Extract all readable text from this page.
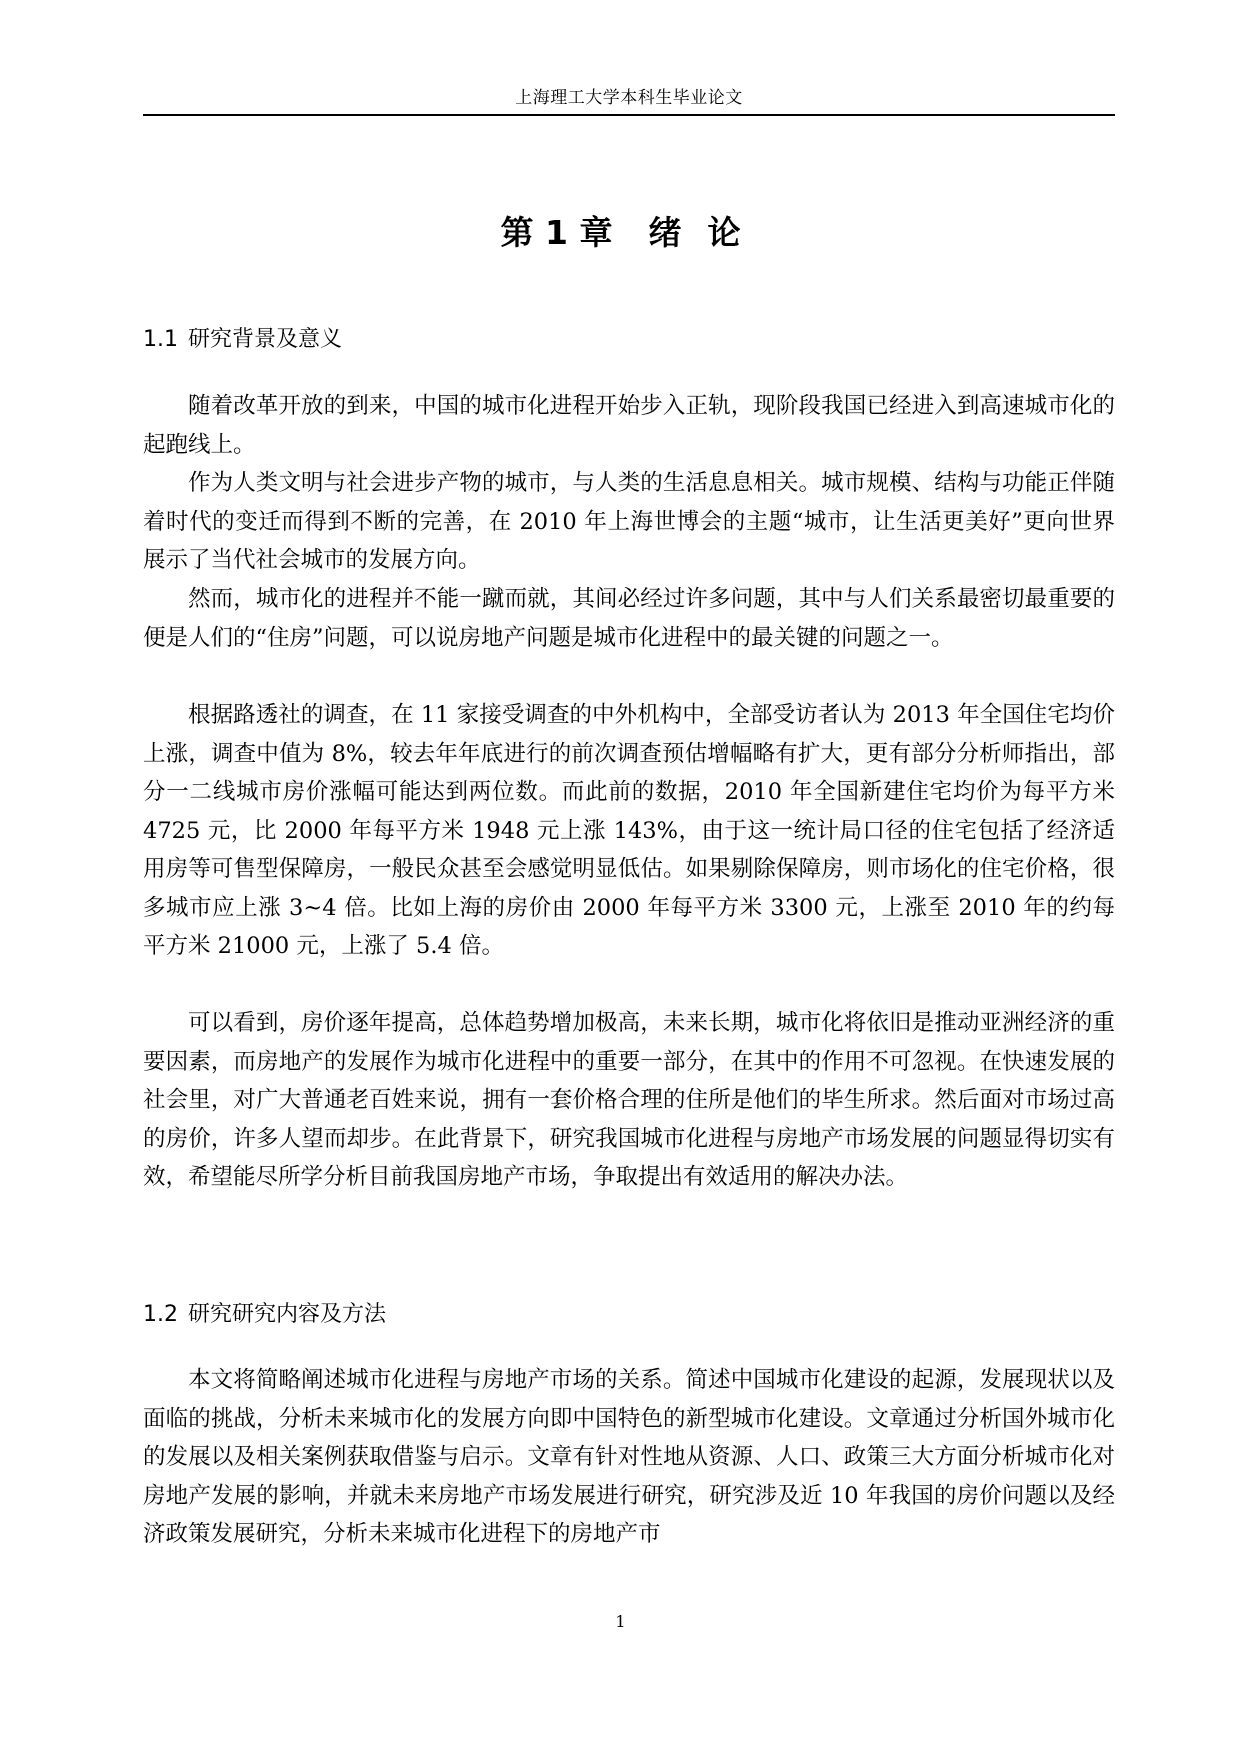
上海理工大学本科生毕业论文
第 1 章 绪 论
1.1 研究背景及意义

随着改革开放的到来，中国的城市化进程开始步入正轨，现阶段我国已经进入到高速城市化的起跑线上。

作为人类文明与社会进步产物的城市，与人类的生活息息相关。城市规模、结构与功能正伴随着时代的变迁而得到不断的完善，在 2010 年上海世博会的主题“城市，让生活更美好”更向世界展示了当代社会城市的发展方向。

然而，城市化的进程并不能一蹴而就，其间必经过许多问题，其中与人们关系最密切最重要的便是人们的“住房”问题，可以说房地产问题是城市化进程中的最关键的问题之一。

根据路透社的调查，在 11 家接受调查的中外机构中，全部受访者认为 2013 年全国住宅均价上涨，调查中值为 8%，较去年年底进行的前次调查预估增幅略有扩大，更有部分分析师指出，部分一二线城市房价涨幅可能达到两位数。而此前的数据，2010 年全国新建住宅均价为每平方米 4725 元，比 2000 年每平方米 1948 元上涨 143%，由于这一统计局口径的住宅包括了经济适用房等可售型保障房，一般民众甚至会感觉明显低估。如果剔除保障房，则市场化的住宅价格，很多城市应上涨 3~4 倍。比如上海的房价由 2000 年每平方米 3300 元，上涨至 2010 年的约每平方米 21000 元，上涨了 5.4 倍。

可以看到，房价逐年提高，总体趋势增加极高，未来长期，城市化将依旧是推动亚洲经济的重要因素，而房地产的发展作为城市化进程中的重要一部分，在其中的作用不可忽视。在快速发展的社会里，对广大普通老百姓来说，拥有一套价格合理的住所是他们的毕生所求。然后面对市场过高的房价，许多人望而却步。在此背景下，研究我国城市化进程与房地产市场发展的问题显得切实有效，希望能尽所学分析目前我国房地产市场，争取提出有效适用的解决办法。

1.2 研究研究内容及方法

本文将简略阐述城市化进程与房地产市场的关系。简述中国城市化建设的起源，发展现状以及面临的挑战，分析未来城市化的发展方向即中国特色的新型城市化建设。文章通过分析国外城市化的发展以及相关案例获取借鉴与启示。文章有针对性地从资源、人口、政策三大方面分析城市化对房地产发展的影响，并就未来房地产市场发展进行研究，研究涉及近 10 年我国的房价问题以及经济政策发展研究，分析未来城市化进程下的房地产市

1
